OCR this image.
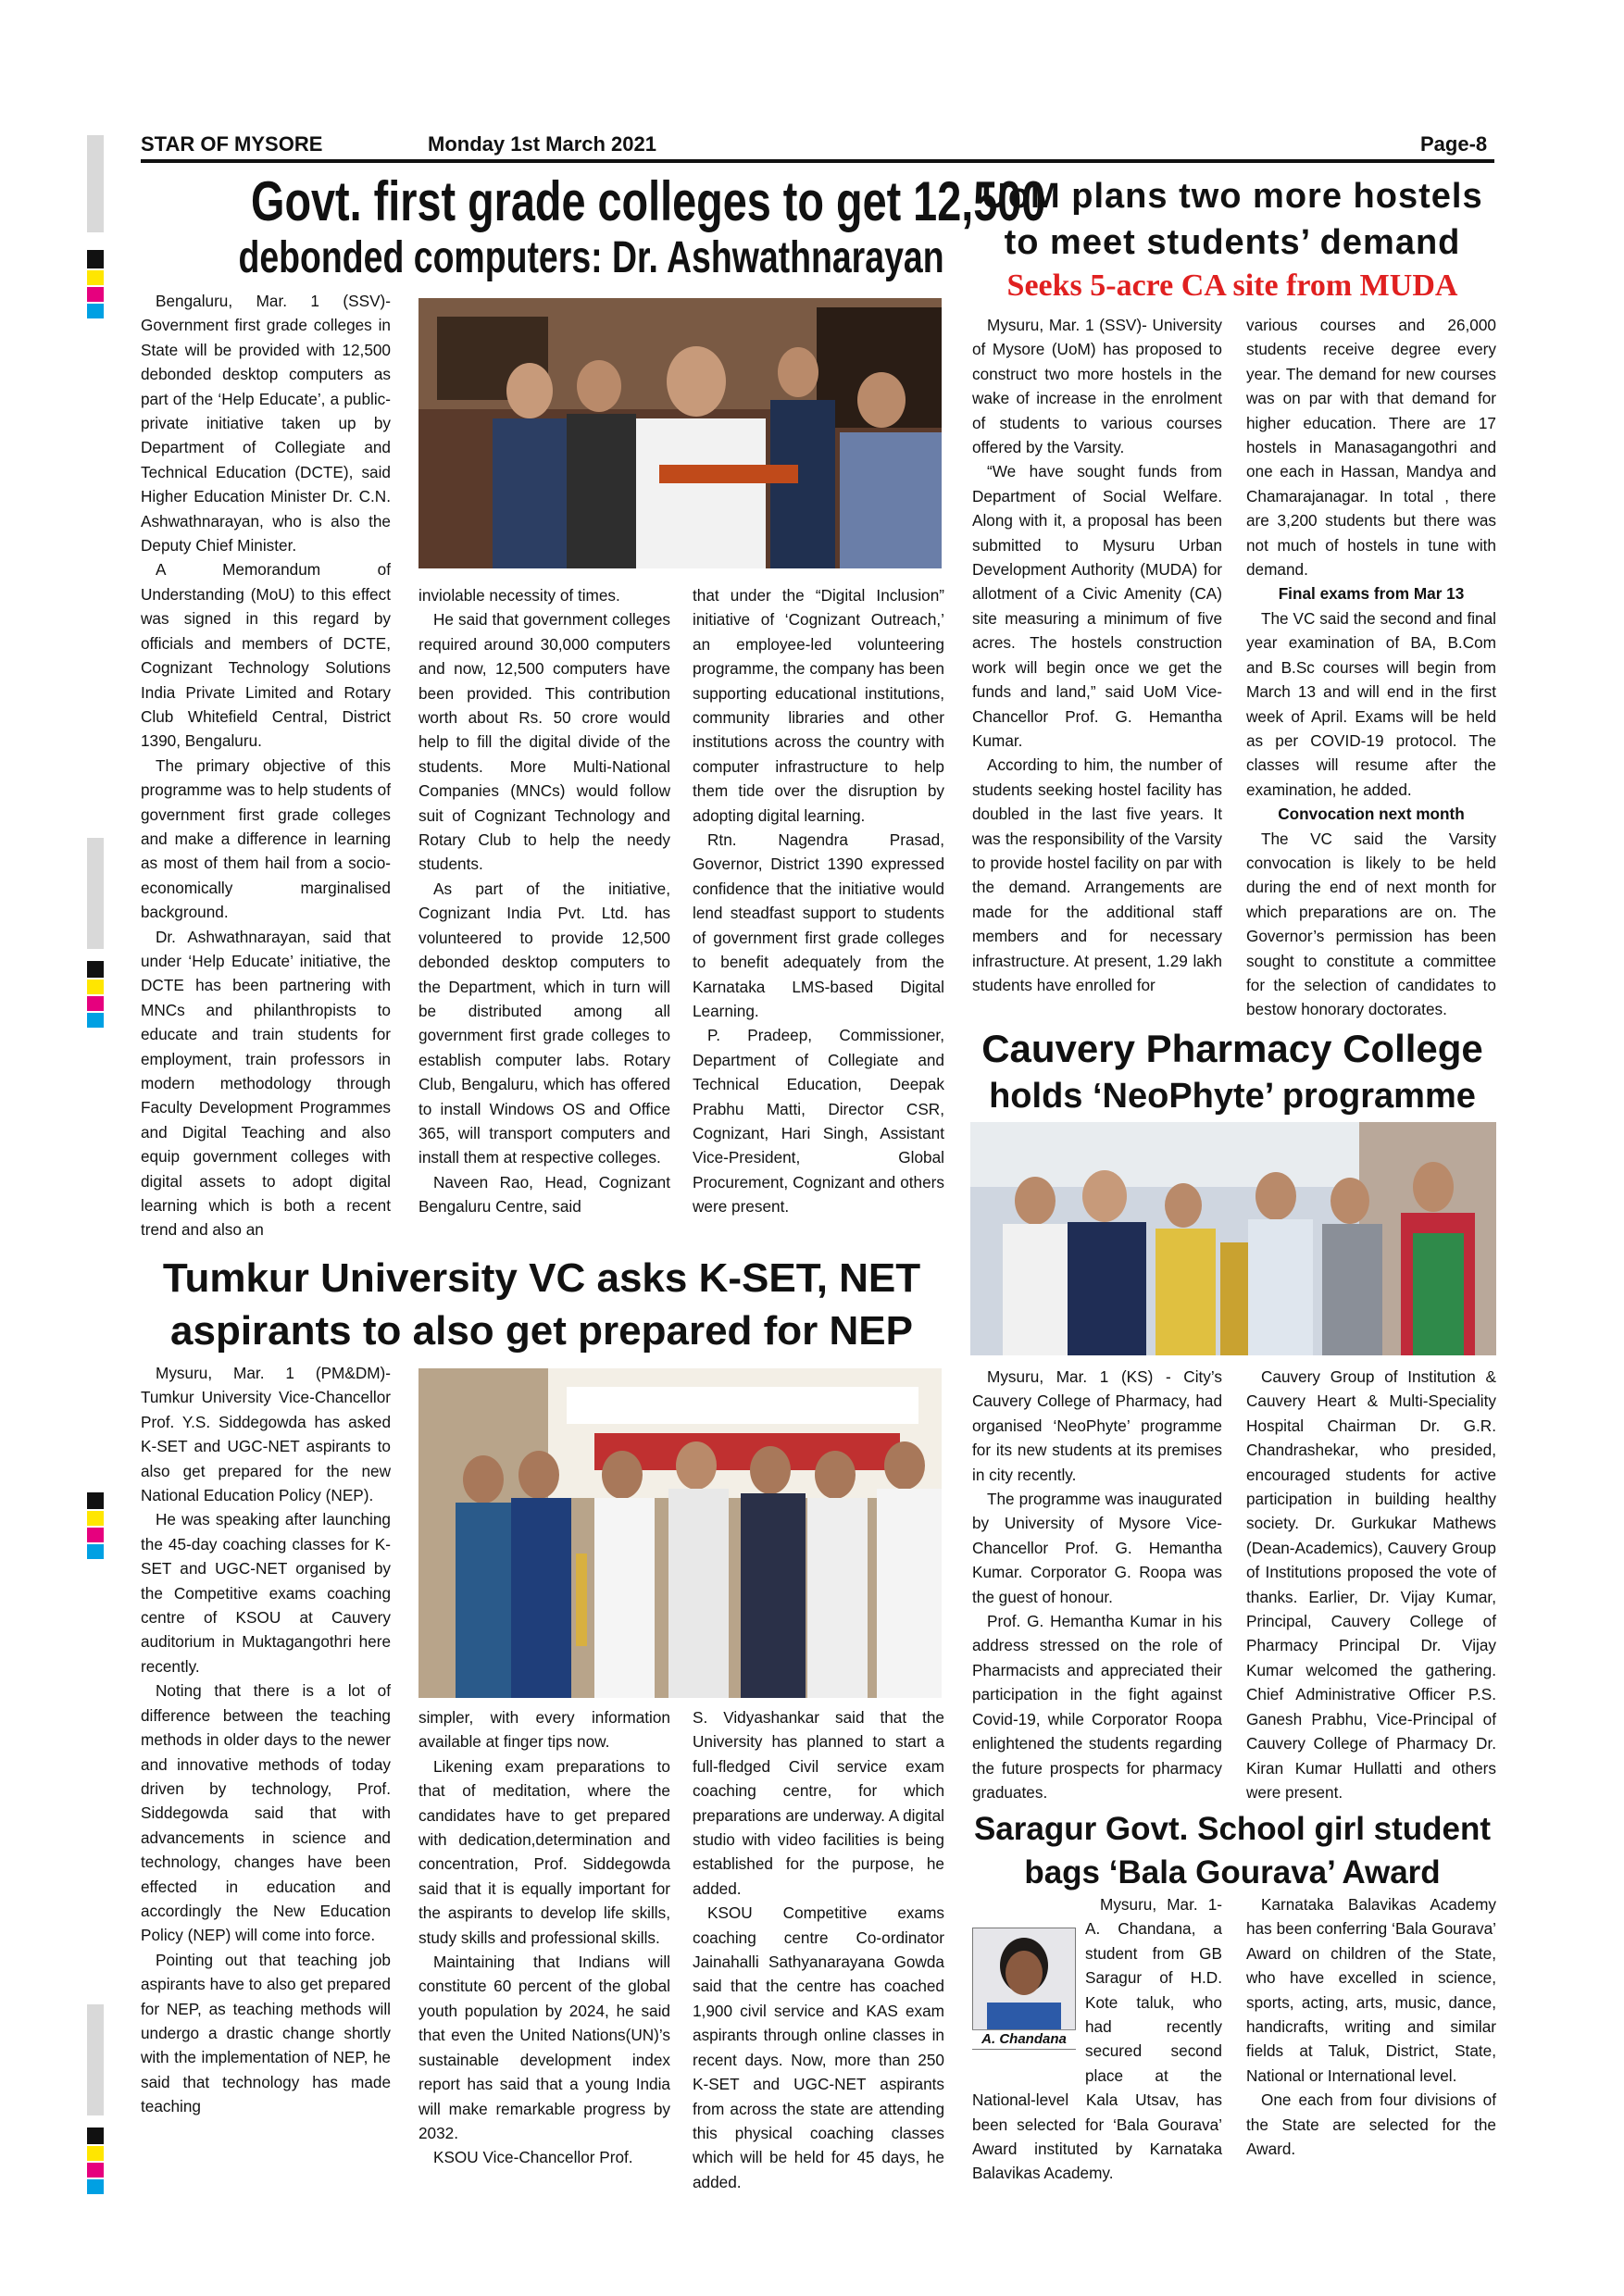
STAR OF MYSORE	Monday 1st March 2021	Page-8
Govt. first grade colleges to get 12,500
debonded computers: Dr. Ashwathnarayan

Bengaluru, Mar. 1 (SSV)- Government first grade colleges in State will be provided with 12,500 debonded desktop computers as part of the ‘Help Educate’, a public-private initiative taken up by Department of Collegiate and Technical Education (DCTE), said Higher Education Minister Dr. C.N. Ashwathnarayan, who is also the Deputy Chief Minister.

A Memorandum of Understanding (MoU) to this effect was signed in this regard by officials and members of DCTE, Cognizant Technology Solutions India Private Limited and Rotary Club Whitefield Central, District 1390, Bengaluru.

The primary objective of this programme was to help students of government first grade colleges and make a difference in learning as most of them hail from a socio-economically marginalised background.

Dr. Ashwathnarayan, said that under ‘Help Educate’ initiative, the DCTE has been partnering with MNCs and philanthropists to educate and train students for employment, train professors in modern methodology through Faculty Development Programmes and Digital Teaching and also equip government colleges with digital assets to adopt digital learning which is both a recent trend and also an

inviolable necessity of times.

He said that government colleges required around 30,000 computers and now, 12,500 computers have been provided. This contribution worth about Rs. 50 crore would help to fill the digital divide of the students. More Multi-National Companies (MNCs) would follow suit of Cognizant Technology and Rotary Club to help the needy students.

As part of the initiative, Cognizant India Pvt. Ltd. has volunteered to provide 12,500 debonded desktop computers to the Department, which in turn will be distributed among all government first grade colleges to establish computer labs. Rotary Club, Bengaluru, which has offered to install Windows OS and Office 365, will transport computers and install them at respective colleges.

Naveen Rao, Head, Cognizant Bengaluru Centre, said

that under the “Digital Inclusion” initiative of ‘Cognizant Outreach,’ an employee-led volunteering programme, the company has been supporting educational institutions, community libraries and other institutions across the country with computer infrastructure to help them tide over the disruption by adopting digital learning.

Rtn. Nagendra Prasad, Governor, District 1390 expressed confidence that the initiative would lend steadfast support to students of government first grade colleges to benefit adequately from the Karnataka LMS-based Digital Learning.

P. Pradeep, Commissioner, Department of Collegiate and Technical Education, Deepak Prabhu Matti, Director CSR, Cognizant, Hari Singh, Assistant Vice-President, Global Procurement, Cognizant and others were present.

UoM plans two more hostels
to meet students’ demand
Seeks 5-acre CA site from MUDA

Mysuru, Mar. 1 (SSV)- University of Mysore (UoM) has proposed to construct two more hostels in the wake of increase in the enrolment of students to various courses offered by the Varsity.

“We have sought funds from Department of Social Welfare. Along with it, a proposal has been submitted to Mysuru Urban Development Authority (MUDA) for allotment of a Civic Amenity (CA) site measuring a minimum of five acres. The hostels construction work will begin once we get the funds and land,” said UoM Vice-Chancellor Prof. G. Hemantha Kumar.

According to him, the number of students seeking hostel facility has doubled in the last five years. It was the responsibility of the Varsity to provide hostel facility on par with the demand. Arrangements are made for the additional staff members and for necessary infrastructure. At present, 1.29 lakh students have enrolled for

various courses and 26,000 students receive degree every year. The demand for new courses was on par with that demand for higher education. There are 17 hostels in Manasagangothri and one each in Hassan, Mandya and Chamarajanagar. In total , there are 3,200 students but there was not much of hostels in tune with demand.

Final exams from Mar 13

The VC said the second and final year examination of BA, B.Com and B.Sc courses will begin from March 13 and will end in the first week of April. Exams will be held as per COVID-19 protocol. The classes will resume after the examination, he added.

Convocation next month

The VC said the Varsity convocation is likely to be held during the end of next month for which preparations are on. The Governor’s permission has been sought to constitute a committee for the selection of candidates to bestow honorary doctorates.

Cauvery Pharmacy College
holds ‘NeoPhyte’ programme

Mysuru, Mar. 1 (KS) - City’s Cauvery College of Pharmacy, had organised ‘NeoPhyte’ programme for its new students at its premises in city recently.

The programme was inaugurated by University of Mysore Vice-Chancellor Prof. G. Hemantha Kumar. Corporator G. Roopa was the guest of honour.

Prof. G. Hemantha Kumar in his address stressed on the role of Pharmacists and appreciated their participation in the fight against Covid-19, while Corporator Roopa enlightened the students regarding the future prospects for pharmacy graduates.

Cauvery Group of Institution & Cauvery Heart & Multi-Speciality Hospital Chairman Dr. G.R. Chandrashekar, who presided, encouraged students for active participation in building healthy society. Dr. Gurkukar Mathews (Dean-Academics), Cauvery Group of Institutions proposed the vote of thanks. Earlier, Dr. Vijay Kumar, Principal, Cauvery College of Pharmacy Principal Dr. Vijay Kumar welcomed the gathering. Chief Administrative Officer P.S. Ganesh Prabhu, Vice-Principal of Cauvery College of Pharmacy Dr. Kiran Kumar Hullatti and others were present.

Tumkur University VC asks K-SET, NET
aspirants to also get prepared for NEP

Mysuru, Mar. 1 (PM&DM)- Tumkur University Vice-Chancellor Prof. Y.S. Siddegowda has asked K-SET and UGC-NET aspirants to also get prepared for the new National Education Policy (NEP).

He was speaking after launching the 45-day coaching classes for K-SET and UGC-NET organised by the Competitive exams coaching centre of KSOU at Cauvery auditorium in Muktagangothri here recently.

Noting that there is a lot of difference between the teaching methods in older days to the newer and innovative methods of today driven by technology, Prof. Siddegowda said that with advancements in science and technology, changes have been effected in education and accordingly the New Education Policy (NEP) will come into force.

Pointing out that teaching job aspirants have to also get prepared for NEP, as teaching methods will undergo a drastic change shortly with the implementation of NEP, he said that technology has made teaching

simpler, with every information available at finger tips now.

Likening exam preparations to that of meditation, where the candidates have to get prepared with dedication,determination and concentration, Prof. Siddegowda said that it is equally important for the aspirants to develop life skills, study skills and professional skills.

Maintaining that Indians will constitute 60 percent of the global youth population by 2024, he said that even the United Nations(UN)’s sustainable development index report has said that a young India will make remarkable progress by 2032.

KSOU Vice-Chancellor Prof.

S. Vidyashankar said that the University has planned to start a full-fledged Civil service exam coaching centre, for which preparations are underway. A digital studio with video facilities is being established for the purpose, he added.

KSOU Competitive exams coaching centre Co-ordinator Jainahalli Sathyanarayana Gowda said that the centre has coached 1,900 civil service and KAS exam aspirants through online classes in recent days. Now, more than 250 K-SET and UGC-NET aspirants from across the state are attending this physical coaching classes which will be held for 45 days, he added.

Saragur Govt. School girl student
bags ‘Bala Gourava’ Award
A. Chandana

Mysuru, Mar. 1- A. Chandana, a student from GB Saragur of H.D. Kote taluk, who had recently secured second place at the National-level Kala Utsav, has been selected for ‘Bala Gourava’ Award instituted by Karnataka Balavikas Academy.

Karnataka Balavikas Academy has been conferring ‘Bala Gourava’ Award on children of the State, who have excelled in science, sports, acting, arts, music, dance, handicrafts, writing and similar fields at Taluk, District, State, National or International level.

One each from four divisions of the State are selected for the Award.
